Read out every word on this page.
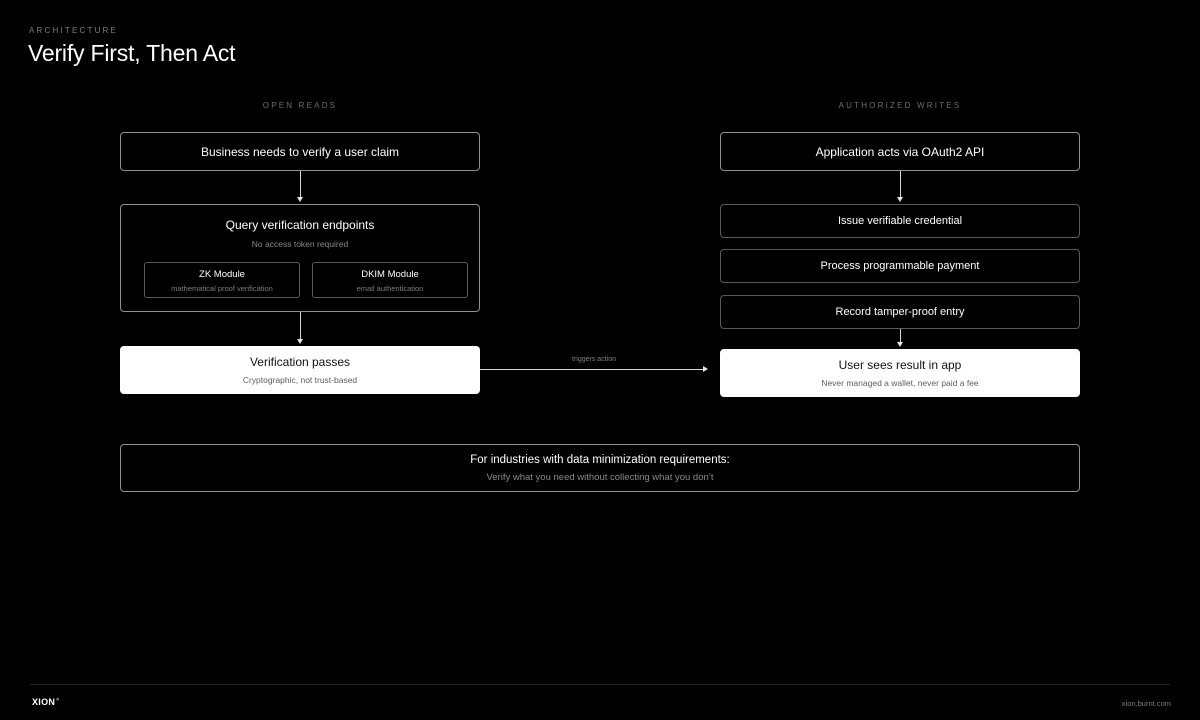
ARCHITECTURE
Verify First, Then Act
OPEN READS	AUTHORIZED WRITES
Business needs to verify a user claim
Query verification endpoints
No access token required
ZK Module
mathematical proof verification
DKIM Module
email authentication
Verification passes
Cryptographic, not trust-based
triggers action
Application acts via OAuth2 API
Issue verifiable credential
Process programmable payment
Record tamper-proof entry
User sees result in app
Never managed a wallet, never paid a fee
For industries with data minimization requirements:
Verify what you need without collecting what you don’t
$XION^ᐢ$	xion.burnt.com
